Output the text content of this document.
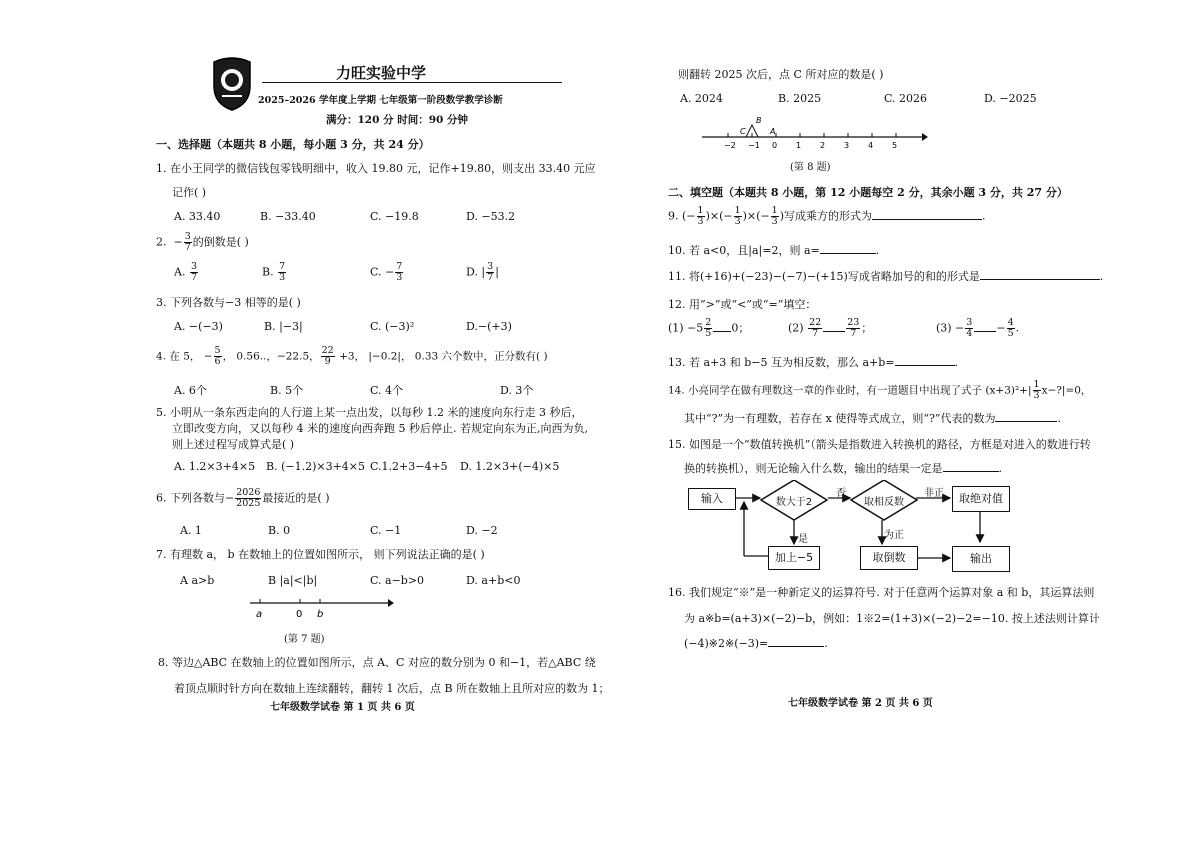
力旺实验中学
2025–2026 学年度上学期 七年级第一阶段数学教学诊断
满分：120 分 时间：90 分钟
一、选择题（本题共 8 小题，每小题 3 分，共 24 分）
1. 在小王同学的微信钱包零钱明细中，收入 19.80 元，记作+19.80，则支出 33.40 元应
记作( )
A. 33.40	B. −33.40	C. −19.8	D. −53.2
2. − $\frac{3}{7}$ 的倒数是( )
A. $\frac{3}{7}$	B. $\frac{7}{3}$	C. − $\frac{7}{3}$	D. | $\frac{3}{7}$ |
3. 下列各数与−3 相等的是( )
A. −(−3)	B. |−3|	C. (−3)²	D.−(+3)
4. 在 5， − $\frac{5}{6}$ ， 0.56..，−22.5， $\frac{22}{9} +3$， |−0.2|， 0.33 六个数中，正分数有( )
A. 6个	B. 5个	C. 4个	D. 3个
5. 小明从一条东西走向的人行道上某一点出发，以每秒 1.2 米的速度向东行走 3 秒后，
立即改变方向，又以每秒 4 米的速度向西奔跑 5 秒后停止. 若规定向东为正,向西为负,
则上述过程写成算式是( )
A. 1.2×3+4×5 B. (−1.2)×3+4×5 C.1.2+3−4+5 D. 1.2×3+(−4)×5
6. 下列各数与− $\frac{2026}{2025}$ 最接近的是( )
A. 1	B. 0	C. −1	D. −2
7. 有理数 a， b 在数轴上的位置如图所示， 则下列说法正确的是( )
A a>b	B |a|<|b|	C. a−b>0	D. a+b<0
a	0 b
(第 7 题)
8. 等边△ABC 在数轴上的位置如图所示，点 A、C 对应的数分别为 0 和−1，若△ABC 绕
着顶点顺时针方向在数轴上连续翻转，翻转 1 次后，点 B 所在数轴上且所对应的数为 1；
七年级数学试卷 第 1 页 共 6 页
则翻转 2025 次后，点 C 所对应的数是( )
A. 2024	B. 2025	C. 2026	D. −2025
−2 −1 0 1 2 3 4 5
C
B
A
(第 8 题)
二、填空题（本题共 8 小题，第 12 小题每空 2 分，其余小题 3 分，共 27 分）
9. (− $\frac{1}{3}$ )×(− $\frac{1}{3}$ )×(− $\frac{1}{3}$ )写成乘方的形式为	.
10. 若 a<0，且|a|=2，则 a=	.
11. 将(+16)+(−23)−(−7)−(+15)写成省略加号的和的形式是	.
12. 用“>”或“<”或“=”填空：
$(1) -5 \frac{2}{5} 0$；	$(2) \frac{22}{7}$	$\frac{23}{7}$ ；	$(3) - \frac{3}{4} - \frac{4}{5}$ .
13. 若 a+3 和 b−5 互为相反数，那么 a+b=	.
14. 小亮同学在做有理数这一章的作业时，有一道题目中出现了式子 $(x+3)^2+| \frac{1}{3}$ x−?|=0，
其中“?”为一有理数，若存在 x 使得等式成立，则“?”代表的数为	.
15. 如图是一个“数值转换机”（箭头是指数进入转换机的路径，方框是对进入的数进行转
换的转换机），则无论输入什么数，输出的结果一定是	.
输入	数大于2
否
取相反数
非正	取绝对值
是	为正
加上−5	取倒数	输出
16. 我们规定“※”是一种新定义的运算符号. 对于任意两个运算对象 a 和 b，其运算法则
为 a※b=(a+3)×(−2)−b，例如：1※2=(1+3)×(−2)−2=−10. 按上述法则计算计
(−4)※2※(−3)=	.
七年级数学试卷 第 2 页 共 6 页
